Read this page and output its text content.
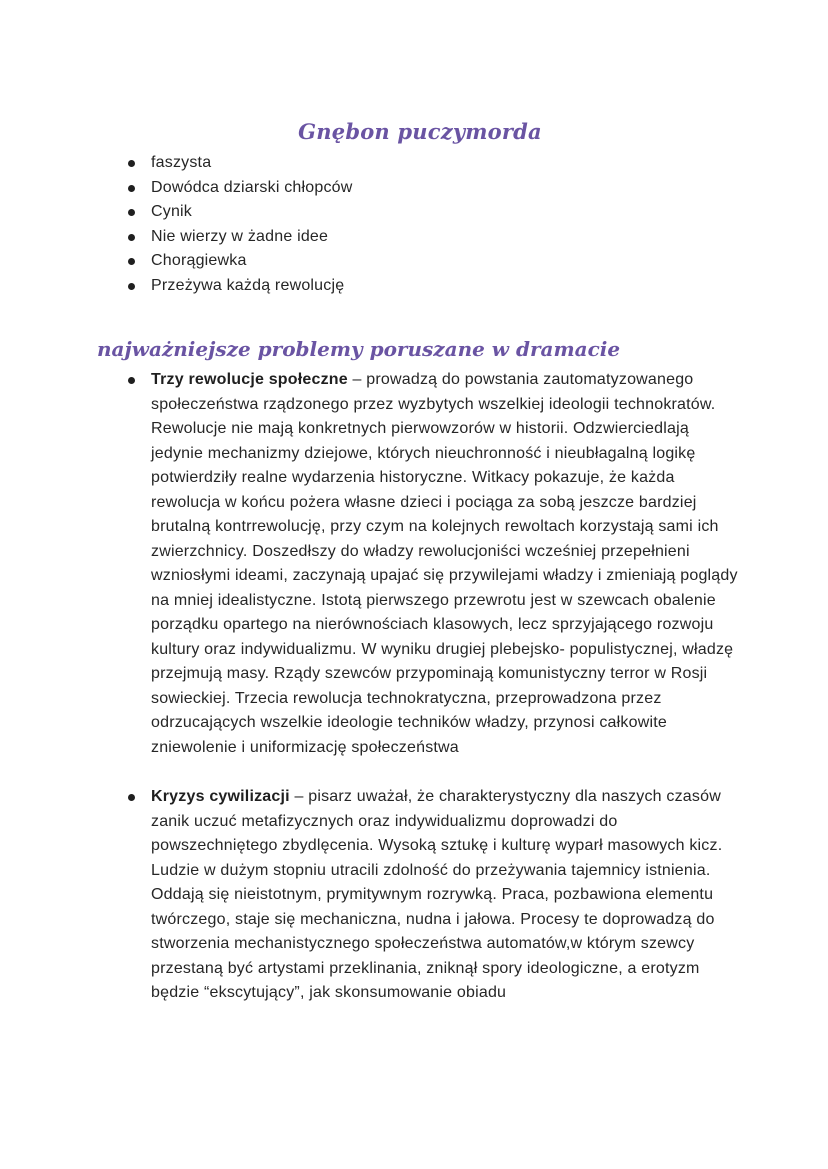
Gnębon puczymorda
faszysta
Dowódca dziarski chłopców
Cynik
Nie wierzy w żadne idee
Chorągiewka
Przeżywa każdą rewolucję
najważniejsze problemy poruszane w dramacie
Trzy rewolucje społeczne – prowadzą do powstania zautomatyzowanego społeczeństwa rządzonego przez wyzbytych wszelkiej ideologii technokratów. Rewolucje nie mają konkretnych pierwowzorów w historii. Odzwierciedlają jedynie mechanizmy dziejowe, których nieuchronność i nieubłagalną logikę potwierdziły realne wydarzenia historyczne. Witkacy pokazuje, że każda rewolucja w końcu pożera własne dzieci i pociąga za sobą jeszcze bardziej brutalną kontrrewolucję, przy czym na kolejnych rewoltach korzystają sami ich zwierzchnicy. Doszedłszy do władzy rewolucjoniści wcześniej przepełnieni wzniosłymi ideami, zaczynają upajać się przywilejami władzy i zmieniają poglądy na mniej idealistyczne. Istotą pierwszego przewrotu jest w szewcach obalenie porządku opartego na nierównościach klasowych, lecz sprzyjającego rozwoju kultury oraz indywidualizmu. W wyniku drugiej plebejsko- populistycznej, władzę przejmują masy. Rządy szewców przypominają komunistyczny terror w Rosji sowieckiej. Trzecia rewolucja technokratyczna, przeprowadzona przez odrzucających wszelkie ideologie techników władzy, przynosi całkowite zniewolenie i uniformizację społeczeństwa
Kryzys cywilizacji – pisarz uważał, że charakterystyczny dla naszych czasów zanik uczuć metafizycznych oraz indywidualizmu doprowadzi do powszechniętego zbydlęcenia. Wysoką sztukę i kulturę wyparł masowych kicz. Ludzie w dużym stopniu utracili zdolność do przeżywania tajemnicy istnienia. Oddają się nieistotnym, prymitywnym rozrywką. Praca, pozbawiona elementu twórczego, staje się mechaniczna, nudna i jałowa. Procesy te doprowadzą do stworzenia mechanistycznego społeczeństwa automatów,w którym szewcy przestaną być artystami przeklinania, zniknął spory ideologiczne, a erotyzm będzie “ekscytujący”, jak skonsumowanie obiadu
